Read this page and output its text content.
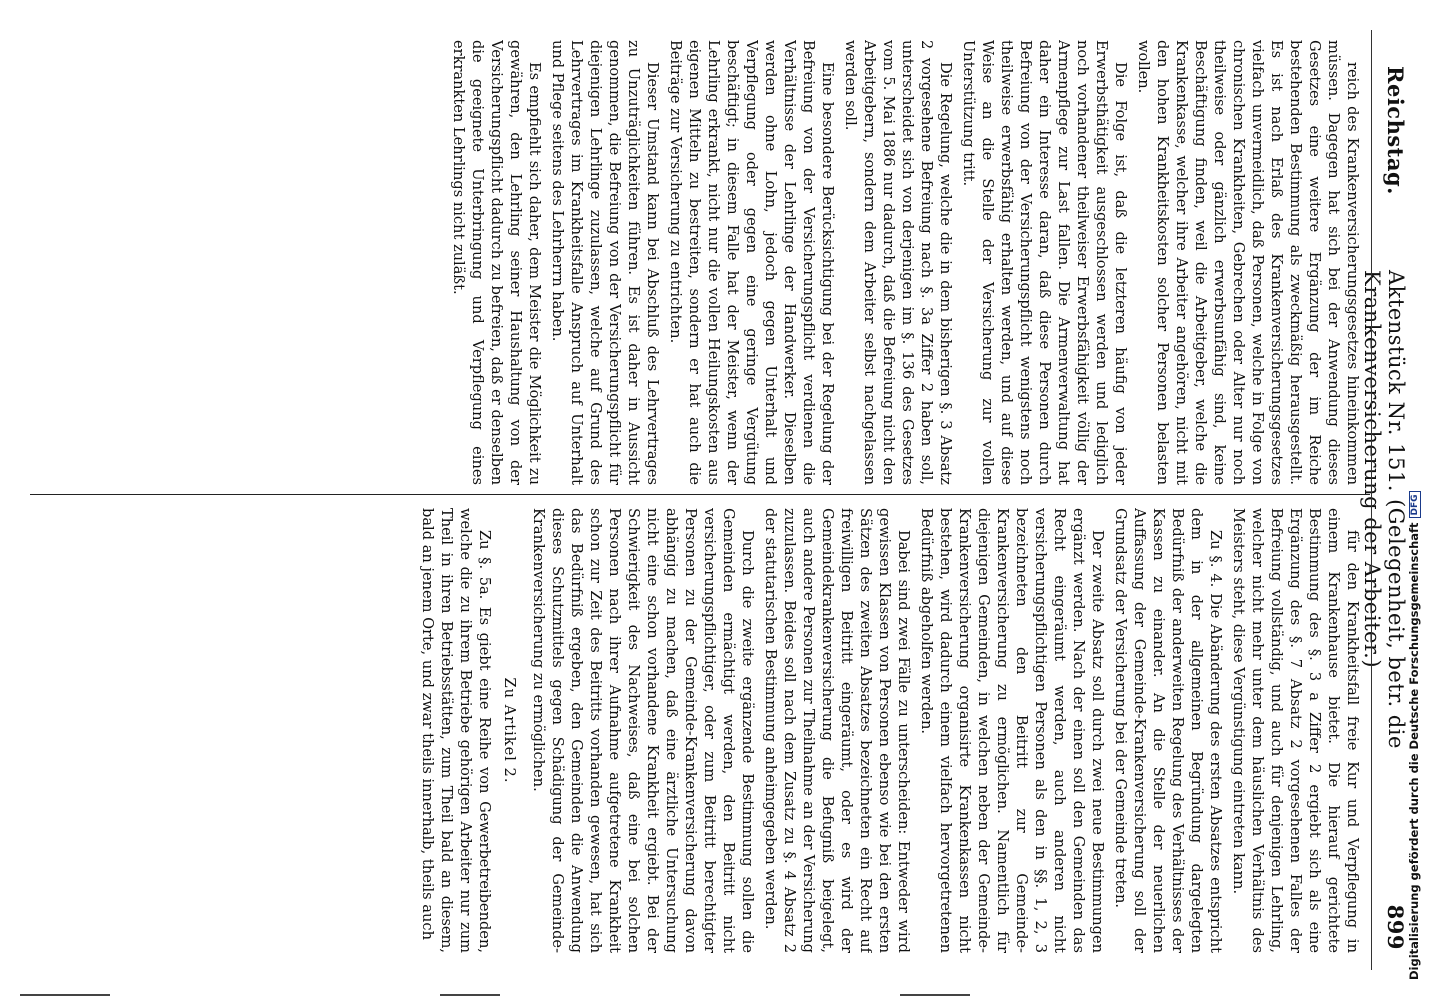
Reichstag.
Aktenstück Nr. 151. (Gelegenheit, betr. die Krankenversicherung der Arbeiter.)
899

reich des Krankenversicherungsgesetzes hineinkommen müssen. Dagegen hat sich bei der Anwendung dieses Gesetzes eine weitere Ergänzung der im Reiche bestehenden Bestimmung als zweckmäßig herausgestellt. Es ist nach Erlaß des Krankenversicherungsgesetzes vielfach unvermeidlich, daß Personen, welche in Folge von chronischen Krankheiten, Gebrechen oder Alter nur noch theilweise oder gänzlich erwerbsunfähig sind, keine Beschäftigung finden, weil die Arbeitgeber, welche die Krankenkasse, welcher ihre Arbeiter angehören, nicht mit den hohen Krankheitskosten solcher Personen belasten wollen.

Die Folge ist, daß die letzteren häufig von jeder Erwerbsthätigkeit ausgeschlossen werden und lediglich noch vorhandener theilweiser Erwerbsfähigkeit völlig der Armenpflege zur Last fallen. Die Armenverwaltung hat daher ein Interesse daran, daß diese Personen durch Befreiung von der Versicherungspflicht wenigstens noch theilweise erwerbsfähig erhalten werden, und auf diese Weise an die Stelle der Versicherung zur vollen Unterstützung tritt.

Die Regelung, welche die in dem bisherigen §. 3 Absatz 2 vorgesehene Befreiung nach §. 3a Ziffer 2 haben soll, unterscheidet sich von derjenigen im §. 136 des Gesetzes vom 5. Mai 1886 nur dadurch, daß die Befreiung nicht den Arbeitgebern, sondern dem Arbeiter selbst nachgelassen werden soll.

Eine besondere Berücksichtigung bei der Regelung der Befreiung von der Versicherungspflicht verdienen die Verhältnisse der Lehrlinge der Handwerker. Dieselben werden ohne Lohn, jedoch gegen Unterhalt und Verpflegung oder gegen eine geringe Vergütung beschäftigt; in diesem Falle hat der Meister, wenn der Lehrling erkrankt, nicht nur die vollen Heilungskosten aus eigenen Mitteln zu bestreiten, sondern er hat auch die Beiträge zur Versicherung zu entrichten.

Dieser Umstand kann bei Abschluß des Lehrvertrages zu Unzuträglichkeiten führen. Es ist daher in Aussicht genommen, die Befreiung von der Versicherungspflicht für diejenigen Lehrlinge zuzulassen, welche auf Grund des Lehrvertrages im Krankheitsfalle Anspruch auf Unterhalt und Pflege seitens des Lehrherrn haben.

Es empfiehlt sich daher, dem Meister die Möglichkeit zu gewähren, den Lehrling seiner Haushaltung von der Versicherungspflicht dadurch zu befreien, daß er denselben die geeignete Unterbringung und Verpflegung eines erkrankten Lehrlings nicht zuläßt.

für den Krankheitsfall freie Kur und Verpflegung in einem Krankenhause bietet. Die hierauf gerichtete Bestimmung des §. 3 a Ziffer 2 ergiebt sich als eine Ergänzung des §. 7 Absatz 2 vorgesehenen Falles der Befreiung vollständig, und auch für denjenigen Lehrling, welcher nicht mehr unter dem häuslichen Verhältnis des Meisters steht, diese Vergünstigung eintreten kann.

Zu §. 4. Die Abänderung des ersten Absatzes entspricht dem in der allgemeinen Begründung dargelegten Bedürfniß der anderweiten Regelung des Verhältnisses der Kassen zu einander. An die Stelle der neuerlichen Auffassung der Gemeinde-Krankenversicherung soll der Grundsatz der Versicherung bei der Gemeinde treten.

Der zweite Absatz soll durch zwei neue Bestimmungen ergänzt werden. Nach der einen soll den Gemeinden das Recht eingeräumt werden, auch anderen nicht versicherungspflichtigen Personen als den in §§. 1, 2, 3 bezeichneten den Beitritt zur Gemeinde-Krankenversicherung zu ermöglichen. Namentlich für diejenigen Gemeinden, in welchen neben der Gemeinde-Krankenversicherung organisirte Krankenkassen nicht bestehen, wird dadurch einem vielfach hervorgetretenen Bedürfniß abgeholfen werden.

Dabei sind zwei Fälle zu unterscheiden: Entweder wird gewissen Klassen von Personen ebenso wie bei den ersten Sätzen des zweiten Absatzes bezeichneten ein Recht auf freiwilligen Beitritt eingeräumt, oder es wird der Gemeindekrankenversicherung die Befugniß beigelegt, auch andere Personen zur Theilnahme an der Versicherung zuzulassen. Beides soll nach dem Zusatz zu §. 4 Absatz 2 der statutarischen Bestimmung anheimgegeben werden.

Durch die zweite ergänzende Bestimmung sollen die Gemeinden ermächtigt werden, den Beitritt nicht versicherungspflichtiger, oder zum Beitritt berechtigter Personen zu der Gemeinde-Krankenversicherung davon abhängig zu machen, daß eine ärztliche Untersuchung nicht eine schon vorhandene Krankheit ergiebt. Bei der Schwierigkeit des Nachweises, daß eine bei solchen Personen nach ihrer Aufnahme aufgetretene Krankheit schon zur Zeit des Beitritts vorhanden gewesen, hat sich das Bedürfniß ergeben, den Gemeinden die Anwendung dieses Schutzmittels gegen Schädigung der Gemeinde-Krankenversicherung zu ermöglichen.

Zu Artikel 2.

Zu §. 5a. Es giebt eine Reihe von Gewerbetreibenden, welche die zu ihrem Betriebe gehörigen Arbeiter nur zum Theil in ihren Betriebsstätten, zum Theil bald an diesem, bald an jenem Orte, und zwar theils innerhalb, theils auch	Digitalisierung gefördert durch die Deutsche ForschungsgemeinschaftDFG
